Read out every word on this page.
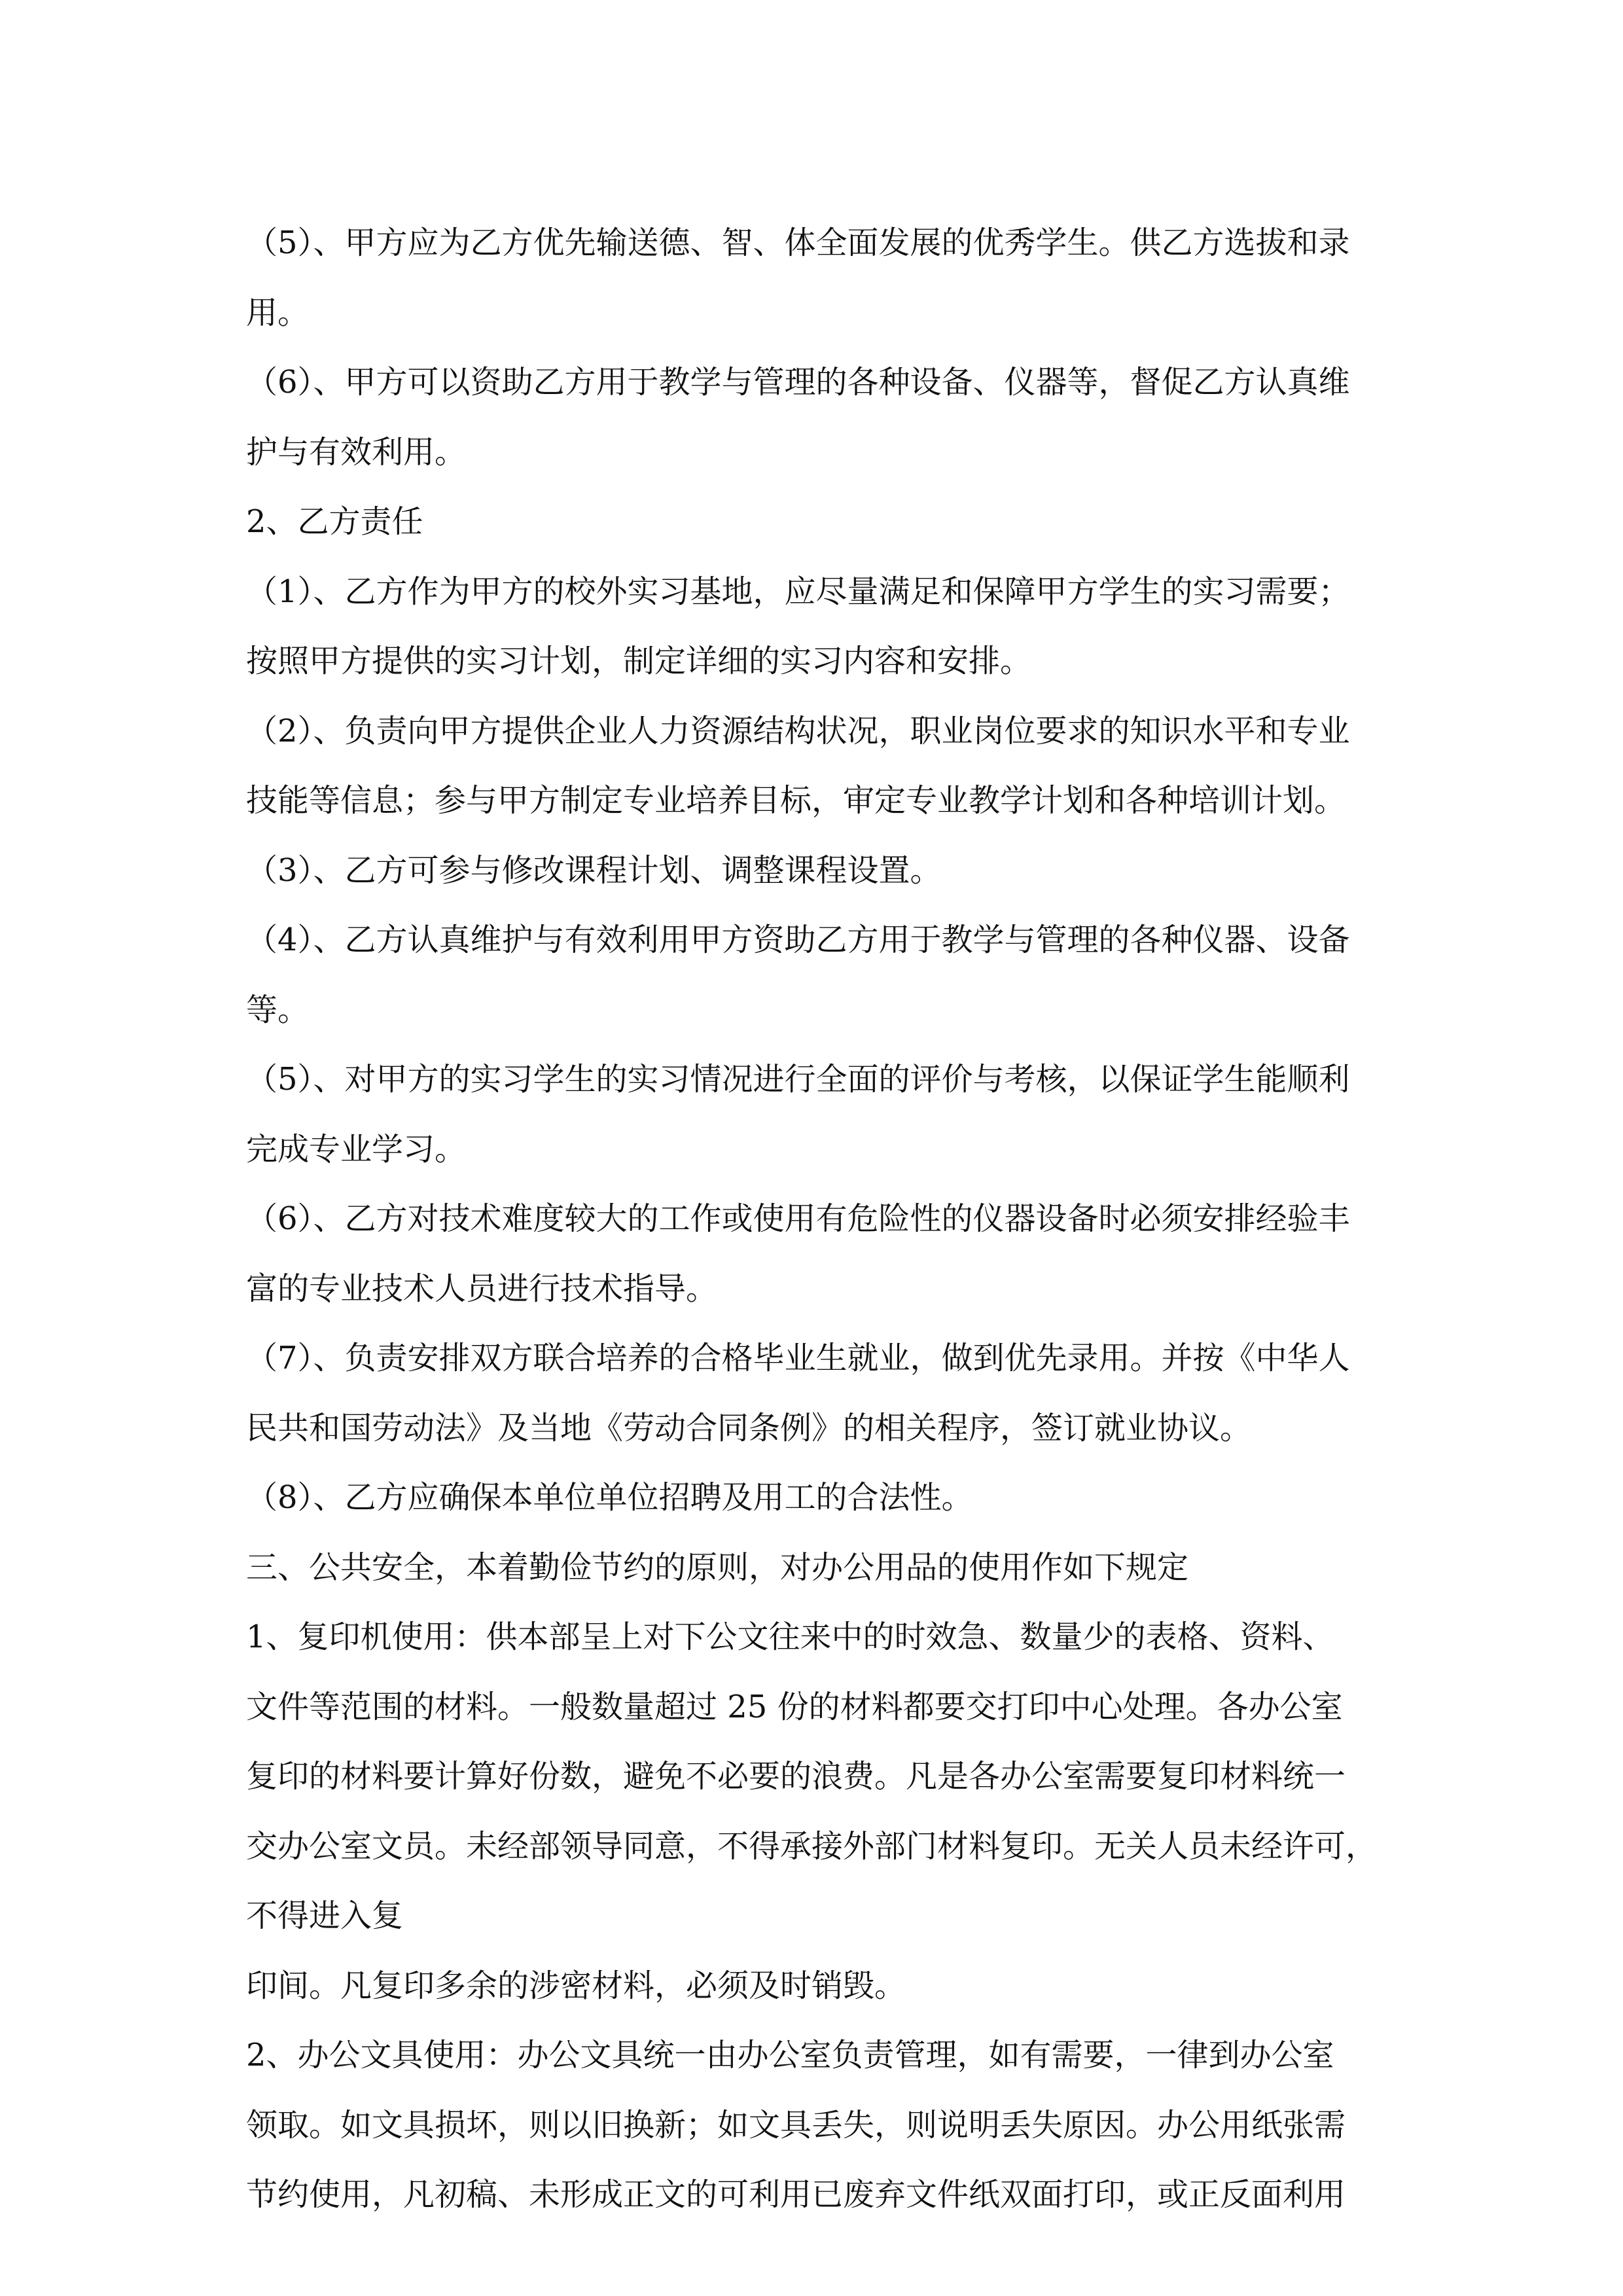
（5）、甲方应为乙方优先输送德、智、体全面发展的优秀学生。供乙方选拔和录
用。
（6）、甲方可以资助乙方用于教学与管理的各种设备、仪器等，督促乙方认真维
护与有效利用。
2、乙方责任
（1）、乙方作为甲方的校外实习基地，应尽量满足和保障甲方学生的实习需要；
按照甲方提供的实习计划，制定详细的实习内容和安排。
（2）、负责向甲方提供企业人力资源结构状况，职业岗位要求的知识水平和专业
技能等信息；参与甲方制定专业培养目标，审定专业教学计划和各种培训计划。
（3）、乙方可参与修改课程计划、调整课程设置。
（4）、乙方认真维护与有效利用甲方资助乙方用于教学与管理的各种仪器、设备
等。
（5）、对甲方的实习学生的实习情况进行全面的评价与考核，以保证学生能顺利
完成专业学习。
（6）、乙方对技术难度较大的工作或使用有危险性的仪器设备时必须安排经验丰
富的专业技术人员进行技术指导。
（7）、负责安排双方联合培养的合格毕业生就业，做到优先录用。并按《中华人
民共和国劳动法》及当地《劳动合同条例》的相关程序，签订就业协议。
（8）、乙方应确保本单位单位招聘及用工的合法性。
三、公共安全，本着勤俭节约的原则，对办公用品的使用作如下规定
1、复印机使用：供本部呈上对下公文往来中的时效急、数量少的表格、资料、
文件等范围的材料。一般数量超过 25 份的材料都要交打印中心处理。各办公室
复印的材料要计算好份数，避免不必要的浪费。凡是各办公室需要复印材料统一
交办公室文员。未经部领导同意，不得承接外部门材料复印。无关人员未经许可，
不得进入复
印间。凡复印多余的涉密材料，必须及时销毁。
2、办公文具使用：办公文具统一由办公室负责管理，如有需要，一律到办公室
领取。如文具损坏，则以旧换新；如文具丢失，则说明丢失原因。办公用纸张需
节约使用，凡初稿、未形成正文的可利用已废弃文件纸双面打印，或正反面利用
